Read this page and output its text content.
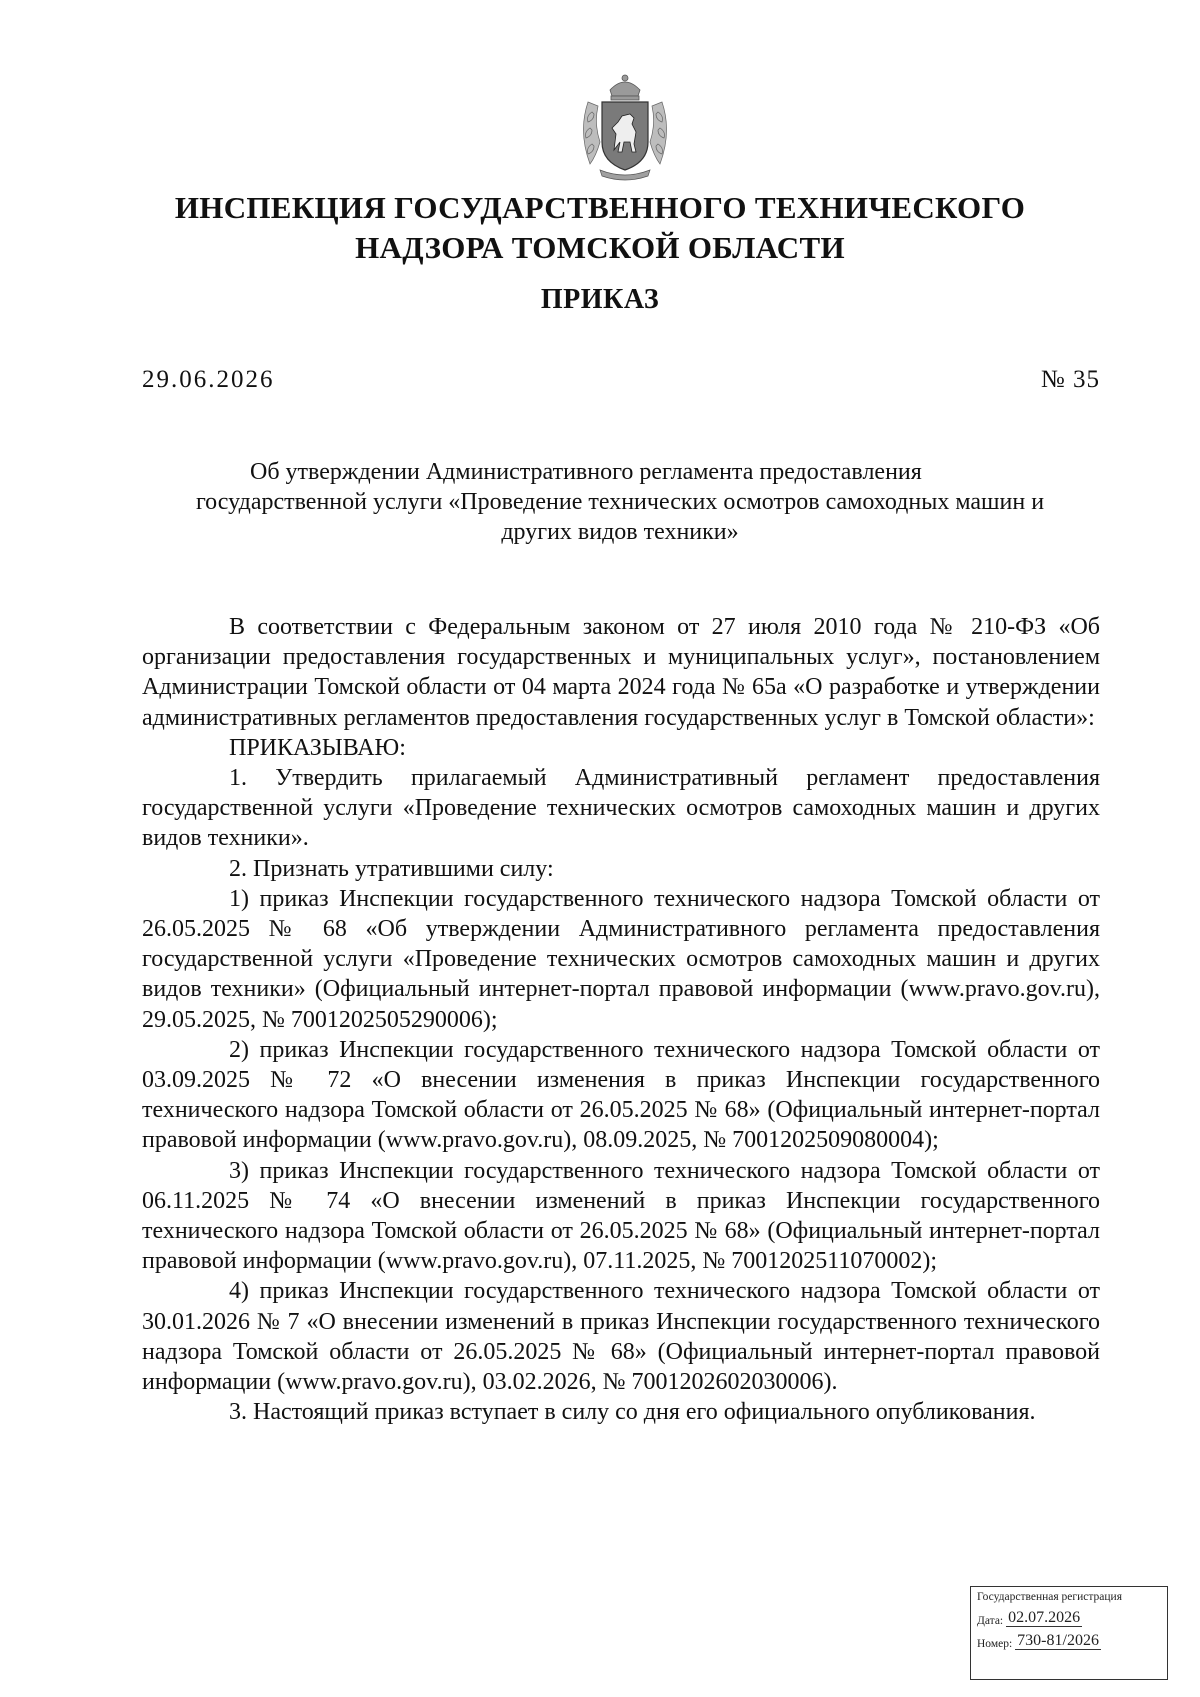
ИНСПЕКЦИЯ ГОСУДАРСТВЕННОГО ТЕХНИЧЕСКОГО
НАДЗОРА ТОМСКОЙ ОБЛАСТИ
ПРИКАЗ
29.06.2026	№ 35
Об утверждении Административного регламента предоставления
государственной услуги «Проведение технических осмотров самоходных машин и
других видов техники»

В соответствии с Федеральным законом от 27 июля 2010 года № 210-ФЗ «Об организации предоставления государственных и муниципальных услуг», постановлением Администрации Томской области от 04 марта 2024 года № 65а «О разработке и утверждении административных регламентов предоставления государственных услуг в Томской области»:

ПРИКАЗЫВАЮ:

1. Утвердить прилагаемый Административный регламент предоставления государственной услуги «Проведение технических осмотров самоходных машин и других видов техники».

2. Признать утратившими силу:

1) приказ Инспекции государственного технического надзора Томской области от 26.05.2025 № 68 «Об утверждении Административного регламента предоставления государственной услуги «Проведение технических осмотров самоходных машин и других видов техники» (Официальный интернет-портал правовой информации (www.pravo.gov.ru), 29.05.2025, № 7001202505290006);

2) приказ Инспекции государственного технического надзора Томской области от 03.09.2025 № 72 «О внесении изменения в приказ Инспекции государственного технического надзора Томской области от 26.05.2025 № 68» (Официальный интернет-портал правовой информации (www.pravo.gov.ru), 08.09.2025, № 7001202509080004);

3) приказ Инспекции государственного технического надзора Томской области от 06.11.2025 № 74 «О внесении изменений в приказ Инспекции государственного технического надзора Томской области от 26.05.2025 № 68» (Официальный интернет-портал правовой информации (www.pravo.gov.ru), 07.11.2025, № 7001202511070002);

4) приказ Инспекции государственного технического надзора Томской области от 30.01.2026 № 7 «О внесении изменений в приказ Инспекции государственного технического надзора Томской области от 26.05.2025 № 68» (Официальный интернет-портал правовой информации (www.pravo.gov.ru), 03.02.2026, № 7001202602030006).

3. Настоящий приказ вступает в силу со дня его официального опубликования.

Государственная регистрация
Дата: 02.07.2026
Номер: 730-81/2026
